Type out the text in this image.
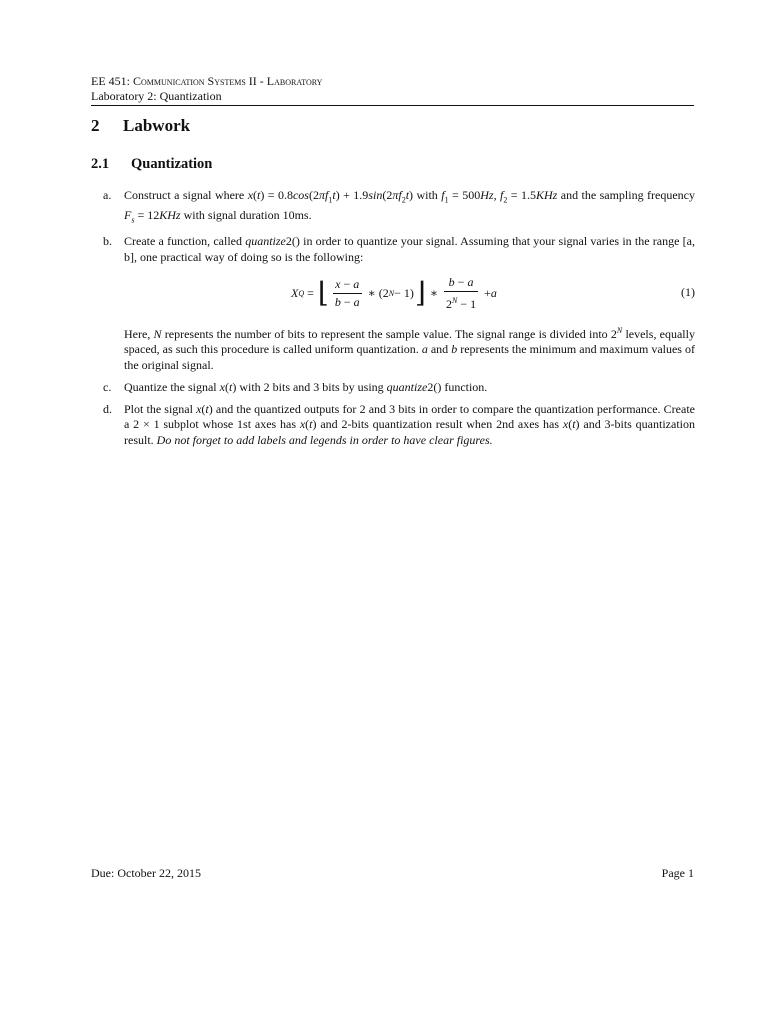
EE 451: Communication Systems II - Laboratory
Laboratory 2: Quantization
2 Labwork
2.1 Quantization
a. Construct a signal where $x(t) = 0.8\cos(2\pi f_1t) + 1.9\sin(2\pi f_2t)$ with $f_1 = 500Hz$, $f_2 = 1.5KHz$ and the sampling frequency $F_s = 12KHz$ with signal duration 10ms.
b. Create a function, called quantize2() in order to quantize your signal. Assuming that your signal varies in the range [a, b], one practical way of doing so is the following:
X Q = ⌊ $\frac{x - a}{b - a}$ ∗ (2 N − 1) ⌋ ∗ $\frac{b - a}{2^N - 1} + a$	(1)
Here, N represents the number of bits to represent the sample value. The signal range is divided into $2^N$ levels, equally spaced, as such this procedure is called uniform quantization. a and b represents the minimum and maximum values of the original signal.
c. Quantize the signal x(t) with 2 bits and 3 bits by using quantize2() function.
d. Plot the signal x(t) and the quantized outputs for 2 and 3 bits in order to compare the quantization performance. Create a 2 × 1 subplot whose 1st axes has x(t) and 2-bits quantization result when 2nd axes has x(t) and 3-bits quantization result. Do not forget to add labels and legends in order to have clear figures.
Due: October 22, 2015	Page 1
